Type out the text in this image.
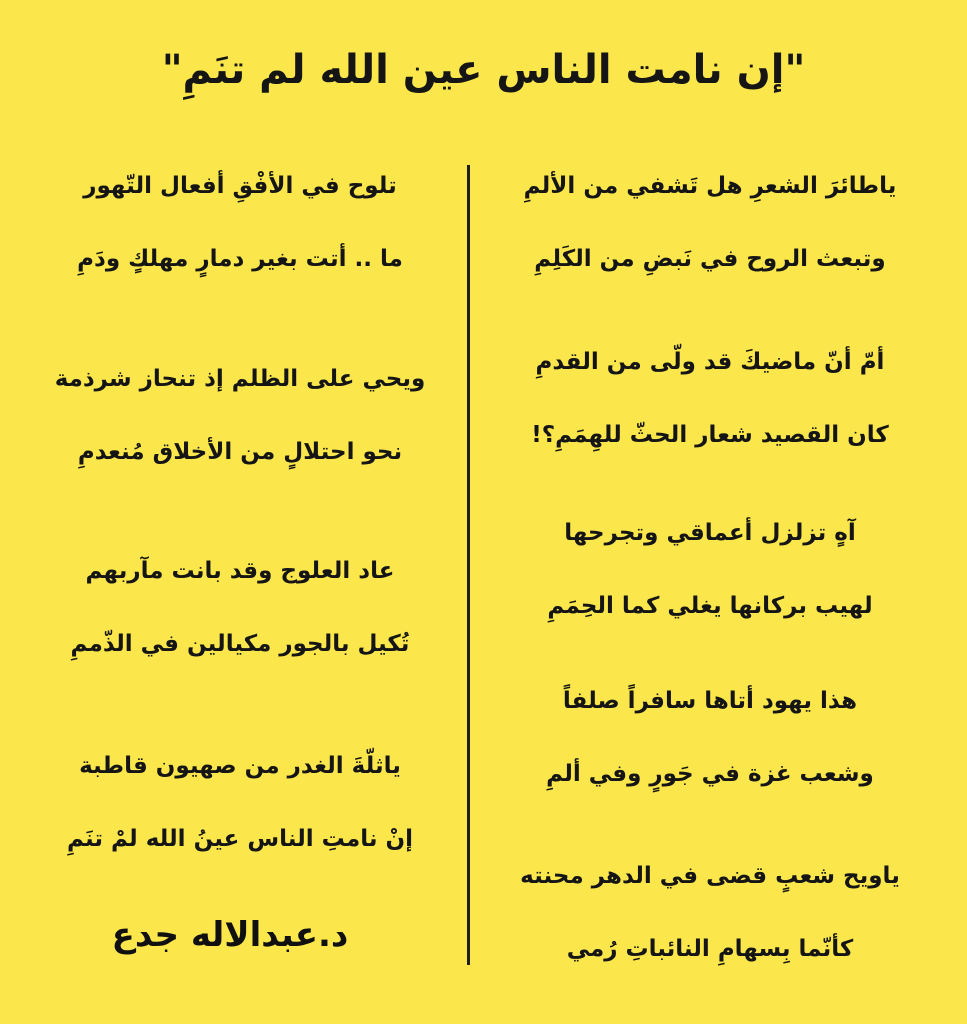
"إن نامت الناس عين الله لم تنَمِ"
ياطائرَ الشعرِ هل تَشفي من الألمِ
وتبعث الروح في نَبضِ من الكَلِمِ
أمّ أنّ ماضيكَ قد ولّى من القدمِ
كان القصيد شعار الحثّ للهِمَمِ؟!
آهٍ تزلزل أعماقي وتجرحها
لهيب بركانها يغلي كما الحِمَمِ
هذا يهود أتاها سافراً صلفاً
وشعب غزة في جَورٍ وفي ألمِ
ياويح شعبٍ قضى في الدهر محنته
كأنّما بِسهامِ النائباتِ رُمي
تلوح في الأفْقِ أفعال التّهور
ما .. أتت بغير دمارٍ مهلكٍ ودَمِ
ويحي على الظلم إذ تنحاز شرذمة
نحو احتلالٍ من الأخلاق مُنعدمِ
عاد العلوج وقد بانت مآربهم
تُكيل بالجور مكيالين في الذّممِ
ياثلّةَ الغدر من صهيون قاطبة
إنْ نامتِ الناس عينُ الله لمْ تنَمِ
د.عبدالاله جدع
